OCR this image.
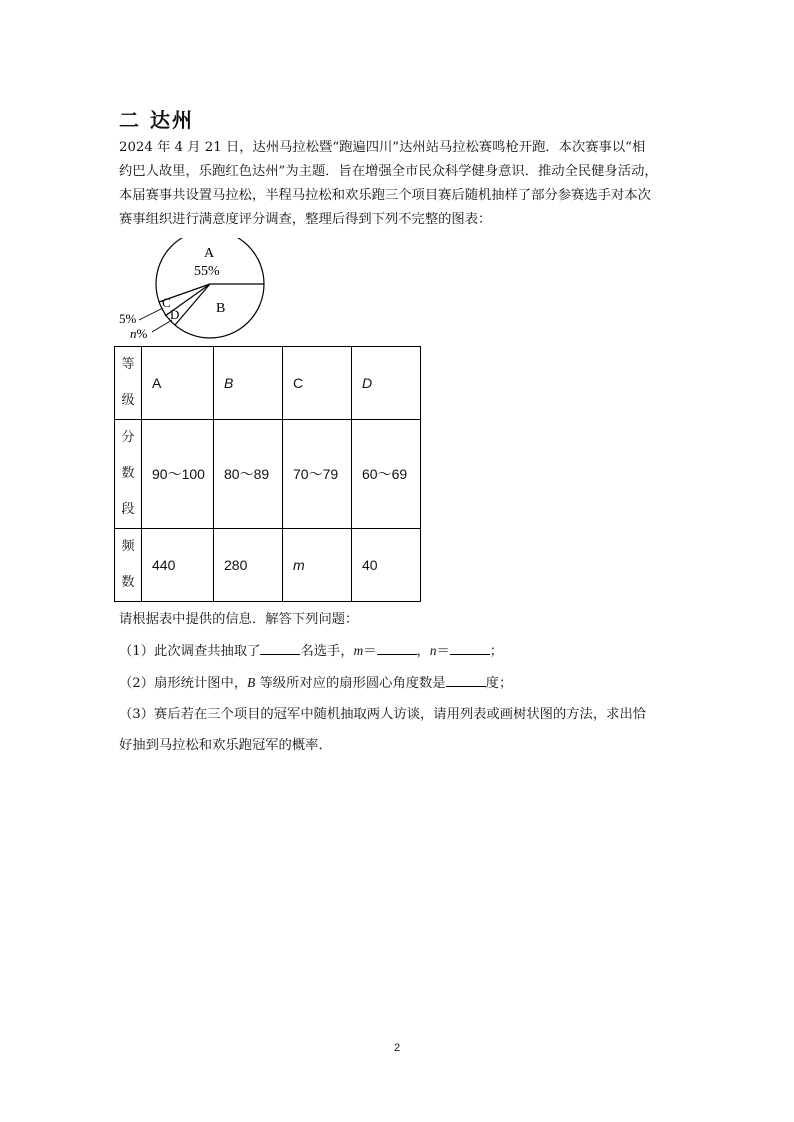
二 达州

2024 年 4 月 21 日，达州马拉松暨“跑遍四川”达州站马拉松赛鸣枪开跑．本次赛事以“相

约巴人故里，乐跑红色达州”为主题．旨在增强全市民众科学健身意识．推动全民健身活动，

本届赛事共设置马拉松，半程马拉松和欢乐跑三个项目赛后随机抽样了部分参赛选手对本次

赛事组织进行满意度评分调查，整理后得到下列不完整的图表：

A
55%
B
C
D
5%
n%
等
级	A	B	C	D

分
数
段	90～100	80～89	70～79	60～69

频
数	440	280	m	40

请根据表中提供的信息．解答下列问题：

（1）此次调查共抽取了	名选手，m＝	，n＝	；

（2）扇形统计图中，B 等级所对应的扇形圆心角度数是	度；

（3）赛后若在三个项目的冠军中随机抽取两人访谈，请用列表或画树状图的方法，求出恰

好抽到马拉松和欢乐跑冠军的概率．

2
